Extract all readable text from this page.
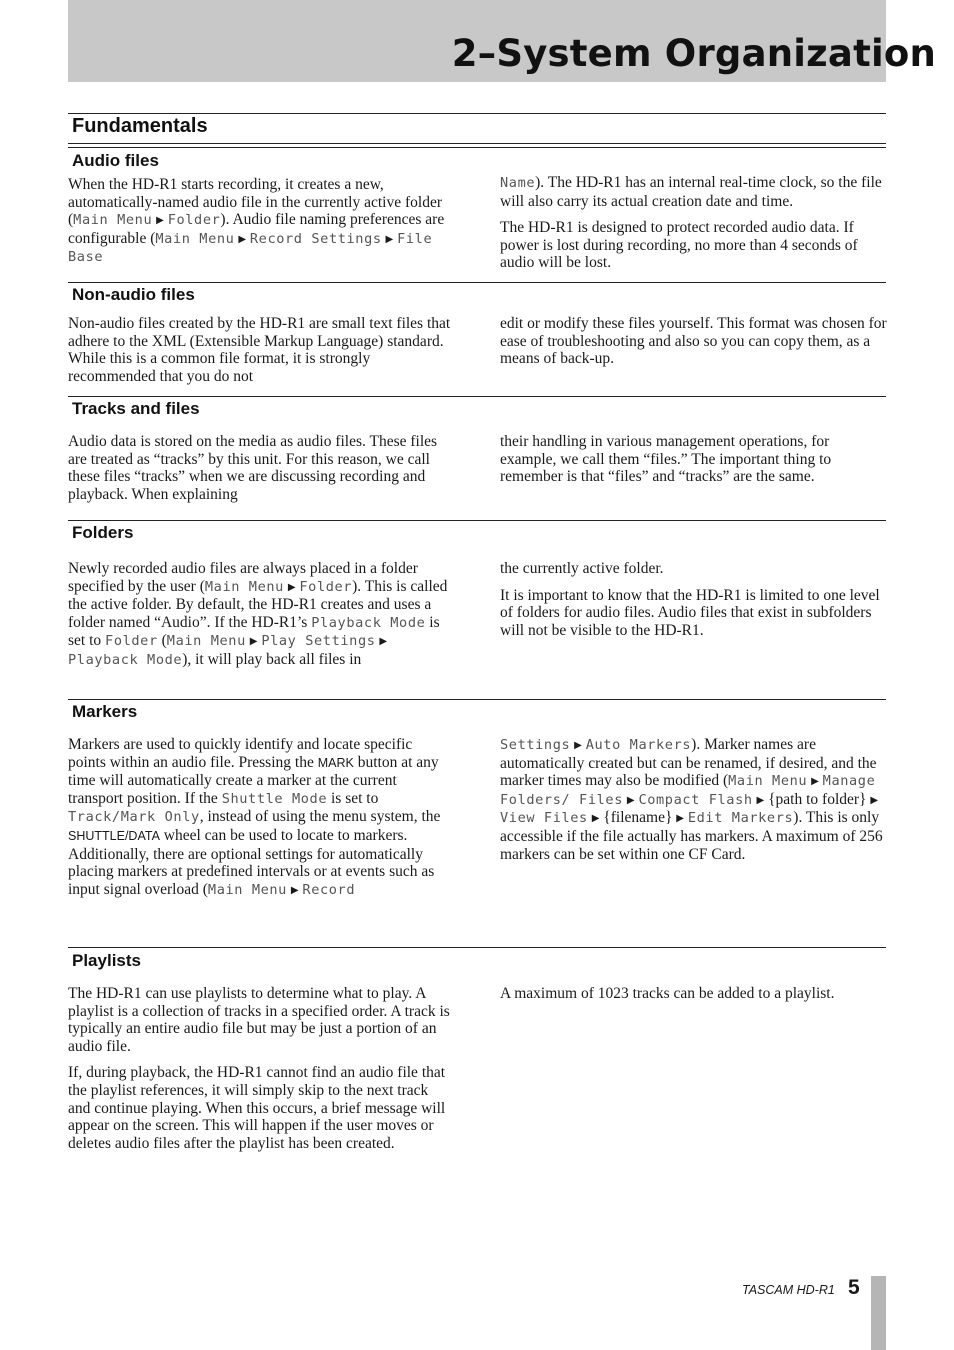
2–System Organization
Fundamentals
Audio files

When the HD-R1 starts recording, it creates a new, automatically-named audio file in the currently active folder (Main Menu ▶ Folder). Audio file naming preferences are configurable (Main Menu ▶ Record Settings ▶ File Base

Name). The HD-R1 has an internal real-time clock, so the file will also carry its actual creation date and time.

The HD-R1 is designed to protect recorded audio data. If power is lost during recording, no more than 4 seconds of audio will be lost.

Non-audio files

Non-audio files created by the HD-R1 are small text files that adhere to the XML (Extensible Markup Language) standard. While this is a common file format, it is strongly recommended that you do not

edit or modify these files yourself. This format was chosen for ease of troubleshooting and also so you can copy them, as a means of back-up.

Tracks and files

Audio data is stored on the media as audio files. These files are treated as “tracks” by this unit. For this reason, we call these files “tracks” when we are discussing recording and playback. When explaining

their handling in various management operations, for example, we call them “files.” The important thing to remember is that “files” and “tracks” are the same.

Folders

Newly recorded audio files are always placed in a folder specified by the user (Main Menu ▶ Folder). This is called the active folder. By default, the HD-R1 creates and uses a folder named “Audio”. If the HD-R1’s Playback Mode is set to Folder (Main Menu ▶ Play Settings ▶ Playback Mode), it will play back all files in

the currently active folder.

It is important to know that the HD-R1 is limited to one level of folders for audio files. Audio files that exist in subfolders will not be visible to the HD-R1.

Markers

Markers are used to quickly identify and locate specific points within an audio file. Pressing the MARK button at any time will automatically create a marker at the current transport position. If the Shuttle Mode is set to Track/Mark Only, instead of using the menu system, the SHUTTLE/DATA wheel can be used to locate to markers. Additionally, there are optional settings for automatically placing markers at predefined intervals or at events such as input signal overload (Main Menu ▶ Record

Settings ▶ Auto Markers). Marker names are automatically created but can be renamed, if desired, and the marker times may also be modified (Main Menu ▶ Manage Folders/ Files ▶ Compact Flash ▶ {path to folder} ▶ View Files ▶ {filename} ▶ Edit Markers). This is only accessible if the file actually has markers. A maximum of 256 markers can be set within one CF Card.

Playlists

The HD-R1 can use playlists to determine what to play. A playlist is a collection of tracks in a specified order. A track is typically an entire audio file but may be just a portion of an audio file.

If, during playback, the HD-R1 cannot find an audio file that the playlist references, it will simply skip to the next track and continue playing. When this occurs, a brief message will appear on the screen. This will happen if the user moves or deletes audio files after the playlist has been created.

A maximum of 1023 tracks can be added to a playlist.

TASCAM HD-R1 5
